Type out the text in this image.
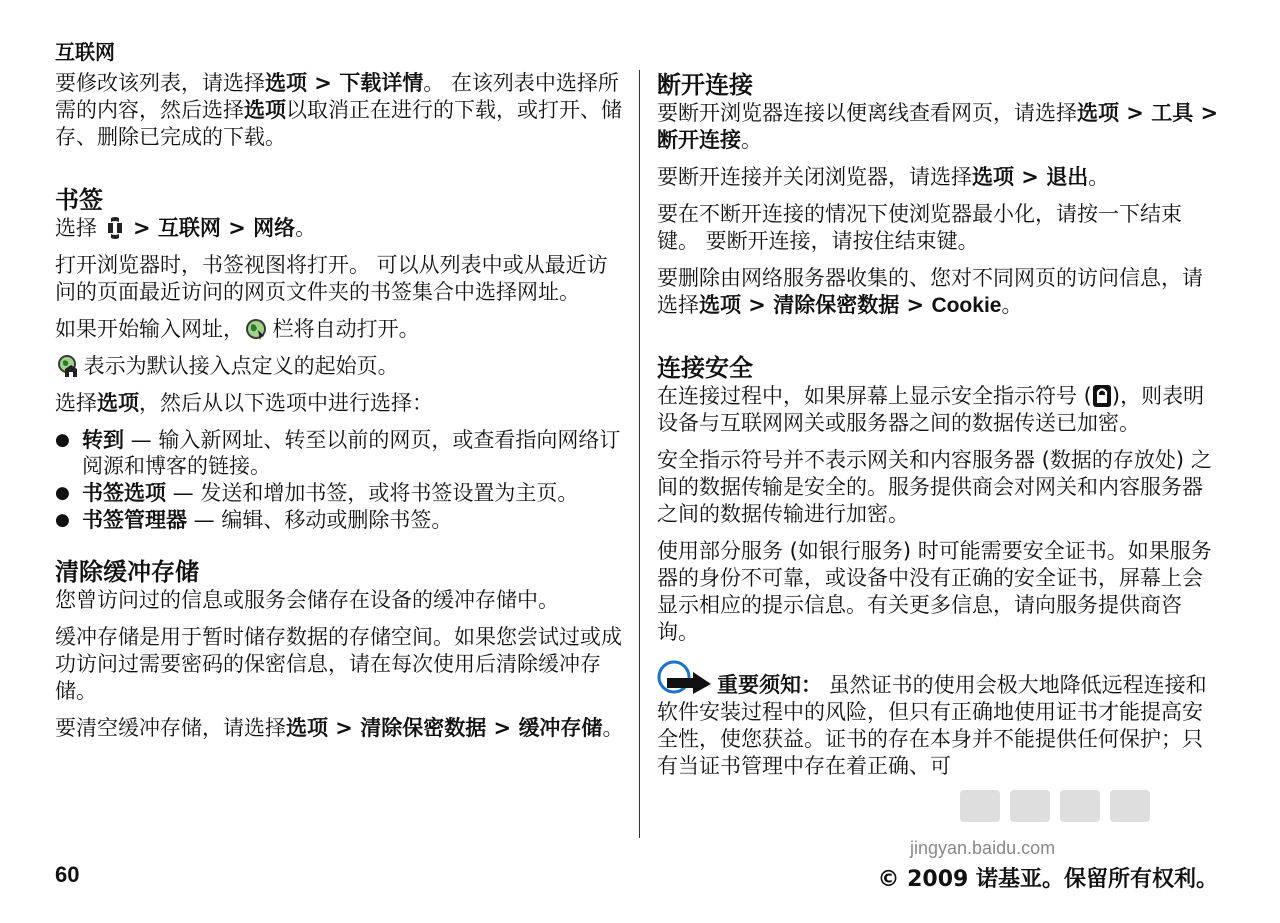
互联网

要修改该列表，请选择选项 > 下载详情。 在该列表中选择所需的内容，然后选择选项以取消正在进行的下载，或打开、储存、删除已完成的下载。

书签

选择  > 互联网 > 网络。

打开浏览器时，书签视图将打开。 可以从列表中或从最近访问的页面最近访问的网页文件夹的书签集合中选择网址。

如果开始输入网址， 栏将自动打开。

表示为默认接入点定义的起始页。

选择选项，然后从以下选项中进行选择：

● 转到 — 输入新网址、转至以前的网页，或查看指向网络订阅源和博客的链接。
● 书签选项 — 发送和增加书签，或将书签设置为主页。
● 书签管理器 — 编辑、移动或删除书签。
清除缓冲存储

您曾访问过的信息或服务会储存在设备的缓冲存储中。

缓冲存储是用于暂时储存数据的存储空间。如果您尝试过或成功访问过需要密码的保密信息，请在每次使用后清除缓冲存储。

要清空缓冲存储，请选择选项 > 清除保密数据 > 缓冲存储。

断开连接

要断开浏览器连接以便离线查看网页，请选择选项 > 工具 > 断开连接。

要断开连接并关闭浏览器，请选择选项 > 退出。

要在不断开连接的情况下使浏览器最小化，请按一下结束键。 要断开连接，请按住结束键。

要删除由网络服务器收集的、您对不同网页的访问信息，请选择选项 > 清除保密数据 > Cookie。

连接安全

在连接过程中，如果屏幕上显示安全指示符号 ( )，则表明设备与互联网网关或服务器之间的数据传送已加密。

安全指示符号并不表示网关和内容服务器 (数据的存放处) 之间的数据传输是安全的。服务提供商会对网关和内容服务器之间的数据传输进行加密。

使用部分服务 (如银行服务) 时可能需要安全证书。如果服务器的身份不可靠，或设备中没有正确的安全证书，屏幕上会显示相应的提示信息。有关更多信息，请向服务提供商咨询。

重要须知： 虽然证书的使用会极大地降低远程连接和软件安装过程中的风险，但只有正确地使用证书才能提高安全性，使您获益。证书的存在本身并不能提供任何保护；只有当证书管理中存在着正确、可

jingyan.baidu.com
60	© 2009 诺基亚。保留所有权利。
